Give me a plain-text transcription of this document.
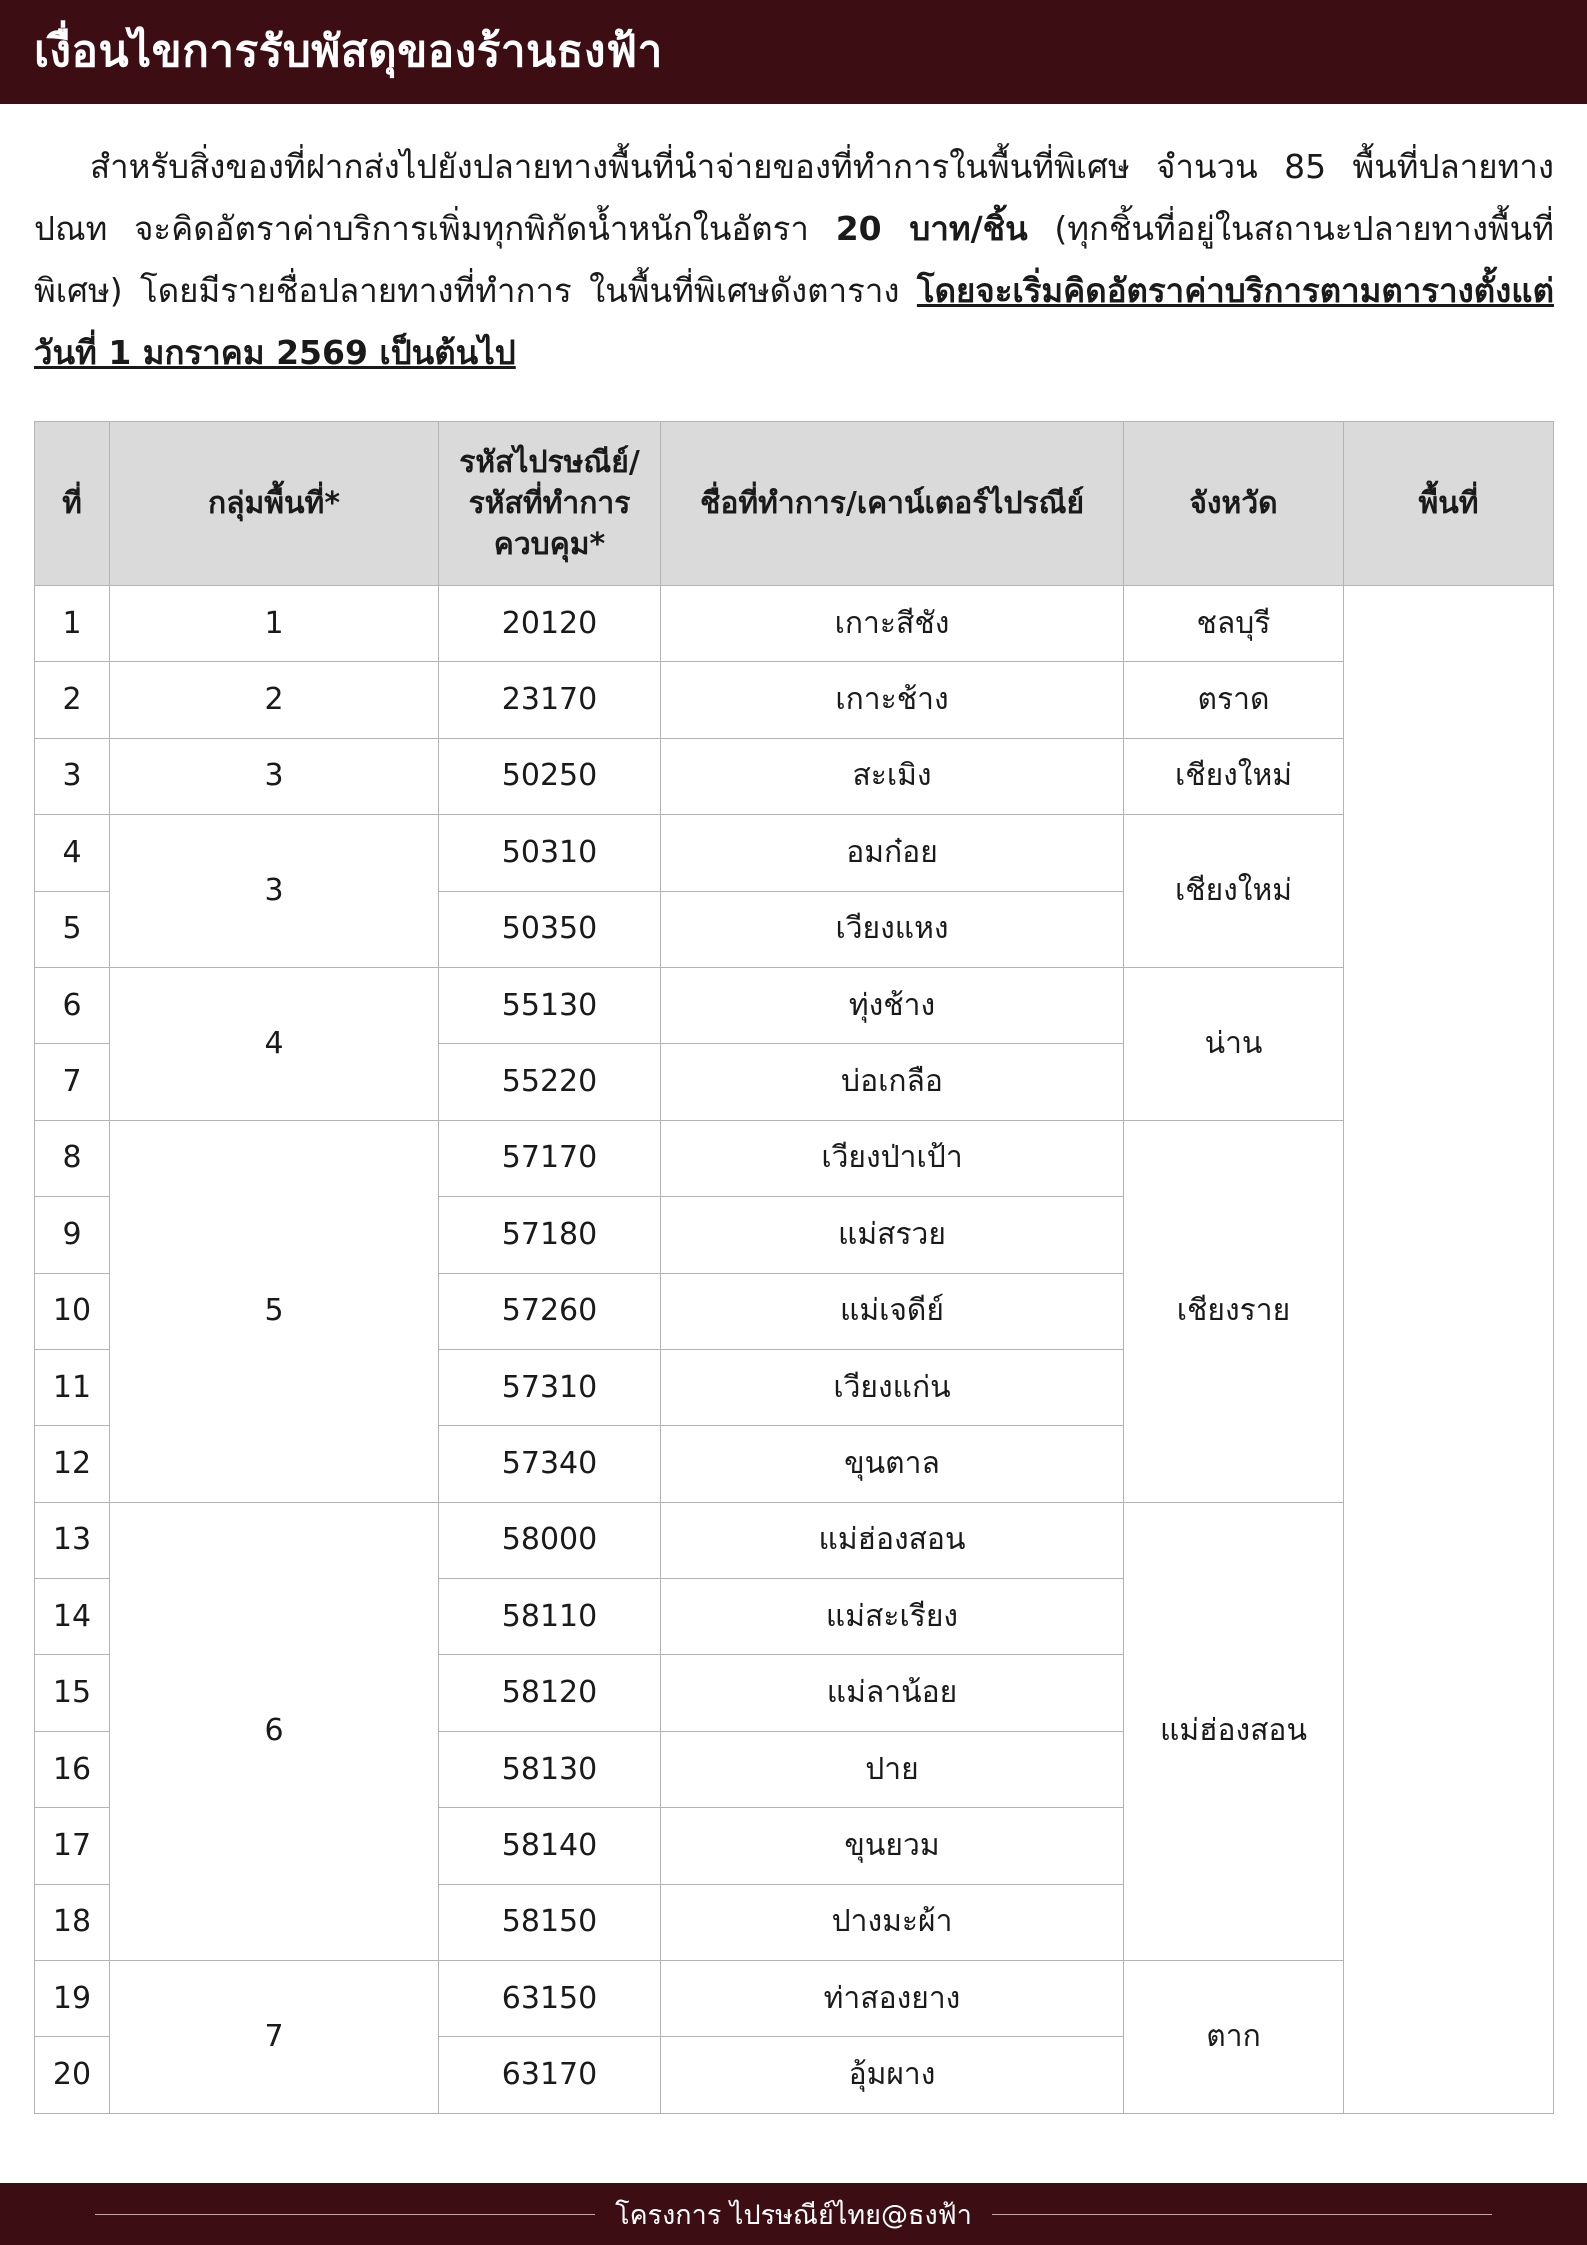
เงื่อนไขการรับพัสดุของร้านธงฟ้า

สำหรับสิ่งของที่ฝากส่งไปยังปลายทางพื้นที่นำจ่ายของที่ทำการในพื้นที่พิเศษ จำนวน 85 พื้นที่ปลายทาง ปณท จะคิดอัตราค่าบริการเพิ่มทุกพิกัดน้ำหนักในอัตรา 20 บาท/ชิ้น (ทุกชิ้นที่อยู่ในสถานะปลายทางพื้นที่พิเศษ) โดยมีรายชื่อปลายทางที่ทำการ ในพื้นที่พิเศษดังตาราง โดยจะเริ่มคิดอัตราค่าบริการตามตารางตั้งแต่วันที่ 1 มกราคม 2569 เป็นต้นไป

ที่	กลุ่มพื้นที่*	รหัสไปรษณีย์/
รหัสที่ทำการ
ควบคุม*	ชื่อที่ทำการ/เคาน์เตอร์ไปรณีย์	จังหวัด	พื้นที่
1	1	20120	เกาะสีชัง	ชลบุรี	
2	2	23170	เกาะช้าง	ตราด	
3	3	50250	สะเมิง	เชียงใหม่	
4	3	50310	อมก๋อย	เชียงใหม่	
5		50350	เวียงแหง		
6	4	55130	ทุ่งช้าง	น่าน	
7		55220	บ่อเกลือ		
8	5	57170	เวียงป่าเป้า	เชียงราย	
9		57180	แม่สรวย		
10		57260	แม่เจดีย์		
11		57310	เวียงแก่น		
12		57340	ขุนตาล		
13	6	58000	แม่ฮ่องสอน	แม่ฮ่องสอน	
14		58110	แม่สะเรียง		
15		58120	แม่ลาน้อย		
16		58130	ปาย		
17		58140	ขุนยวม		
18		58150	ปางมะผ้า		
19	7	63150	ท่าสองยาง	ตาก	
20		63170	อุ้มผาง		
โครงการ ไปรษณีย์ไทย@ธงฟ้า
